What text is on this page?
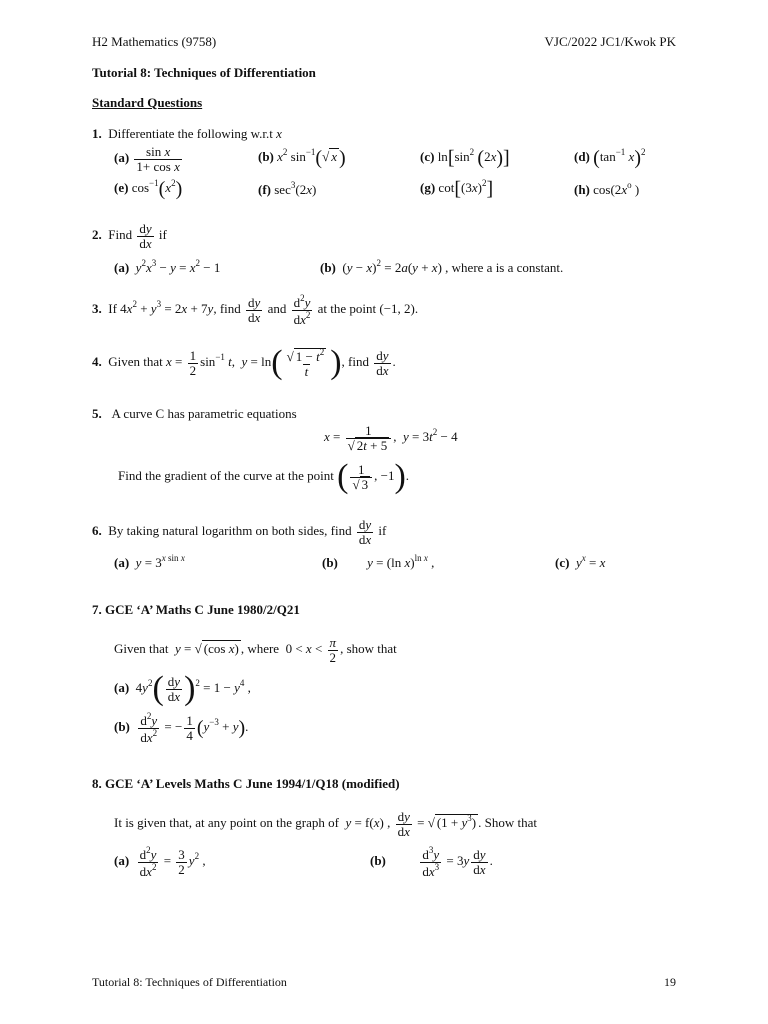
H2 Mathematics (9758)	VJC/2022 JC1/Kwok PK
Tutorial 8: Techniques of Differentiation
Standard Questions
1. Differentiate the following w.r.t x
$(a) \frac{\text{sin x}}{\text{1+ cos x}}$	(b) $x^2$ $\sin^{-1}(√$ x )	(c) $\ln[\sin^2$ (2x)]	(d) ($\tan^{-1}$ x)$^2$
(e) $\cos^{-1}(x^2)$	(f) $\sec^3(2x)$	(g) $\cot[(3x)^2]$	(h) $\cos(2x^o$ )
2. Find $\frac{dy}{dx}$ if
(a) $y^2x^3 - y = x^2 - 1$	(b)  $(y - x)^2 = 2a(y + x)$ , where a is a constant.
3. If $4x^2 + y^3 = 2x + 7y$, find $\frac{dy}{dx}$ and $\frac{d^2y}{dx^2}$ at the point (−1, 2).
4. Given that $x = \frac{1}{2} \sin^{-1} t$,  $y = \ln( \frac{√ 1 - t^2}{t}$ ), find $\frac{dy}{dx}$ .
5. A curve C has parametric equations
$x = \frac{1}{√ 2t + 5}$ ,  $y = 3t^2 - 4$
Find the gradient of the curve at the point ( $\frac{1}{√ 3}$ , −1).
6. By taking natural logarithm on both sides, find $\frac{dy}{dx}$ if
(a) $y = 3^{x sin x}$	(b) y = (ln x)$^{ln x}$ ,	(c) $y^x = x$
7. GCE ‘A’ Maths C June 1980/2/Q21
Given that y = √ (cos x) , where  $0 < x < \frac{\pi}{2}$ , show that
(a)  $4y^2( \frac{dy}{dx} )^2 = 1 - y^4$ ,
$(b) \frac{d^2y}{dx^2}$ = − $\frac{1}{4} (y^{-3} + y)$.
8. GCE ‘A’ Levels Maths C June 1994/1/Q18 (modified)
It is given that, at any point on the graph of y = f(x) , $\frac{dy}{dx}$ = √ $(1 + y^3)$ . Show that
$(a) \frac{d^2y}{dx^2} = \frac{3}{2} y^2$ ,	(b)	$\frac{d^3y}{dx^3} = 3y \frac{dy}{dx}$ .
Tutorial 8: Techniques of Differentiation	19
